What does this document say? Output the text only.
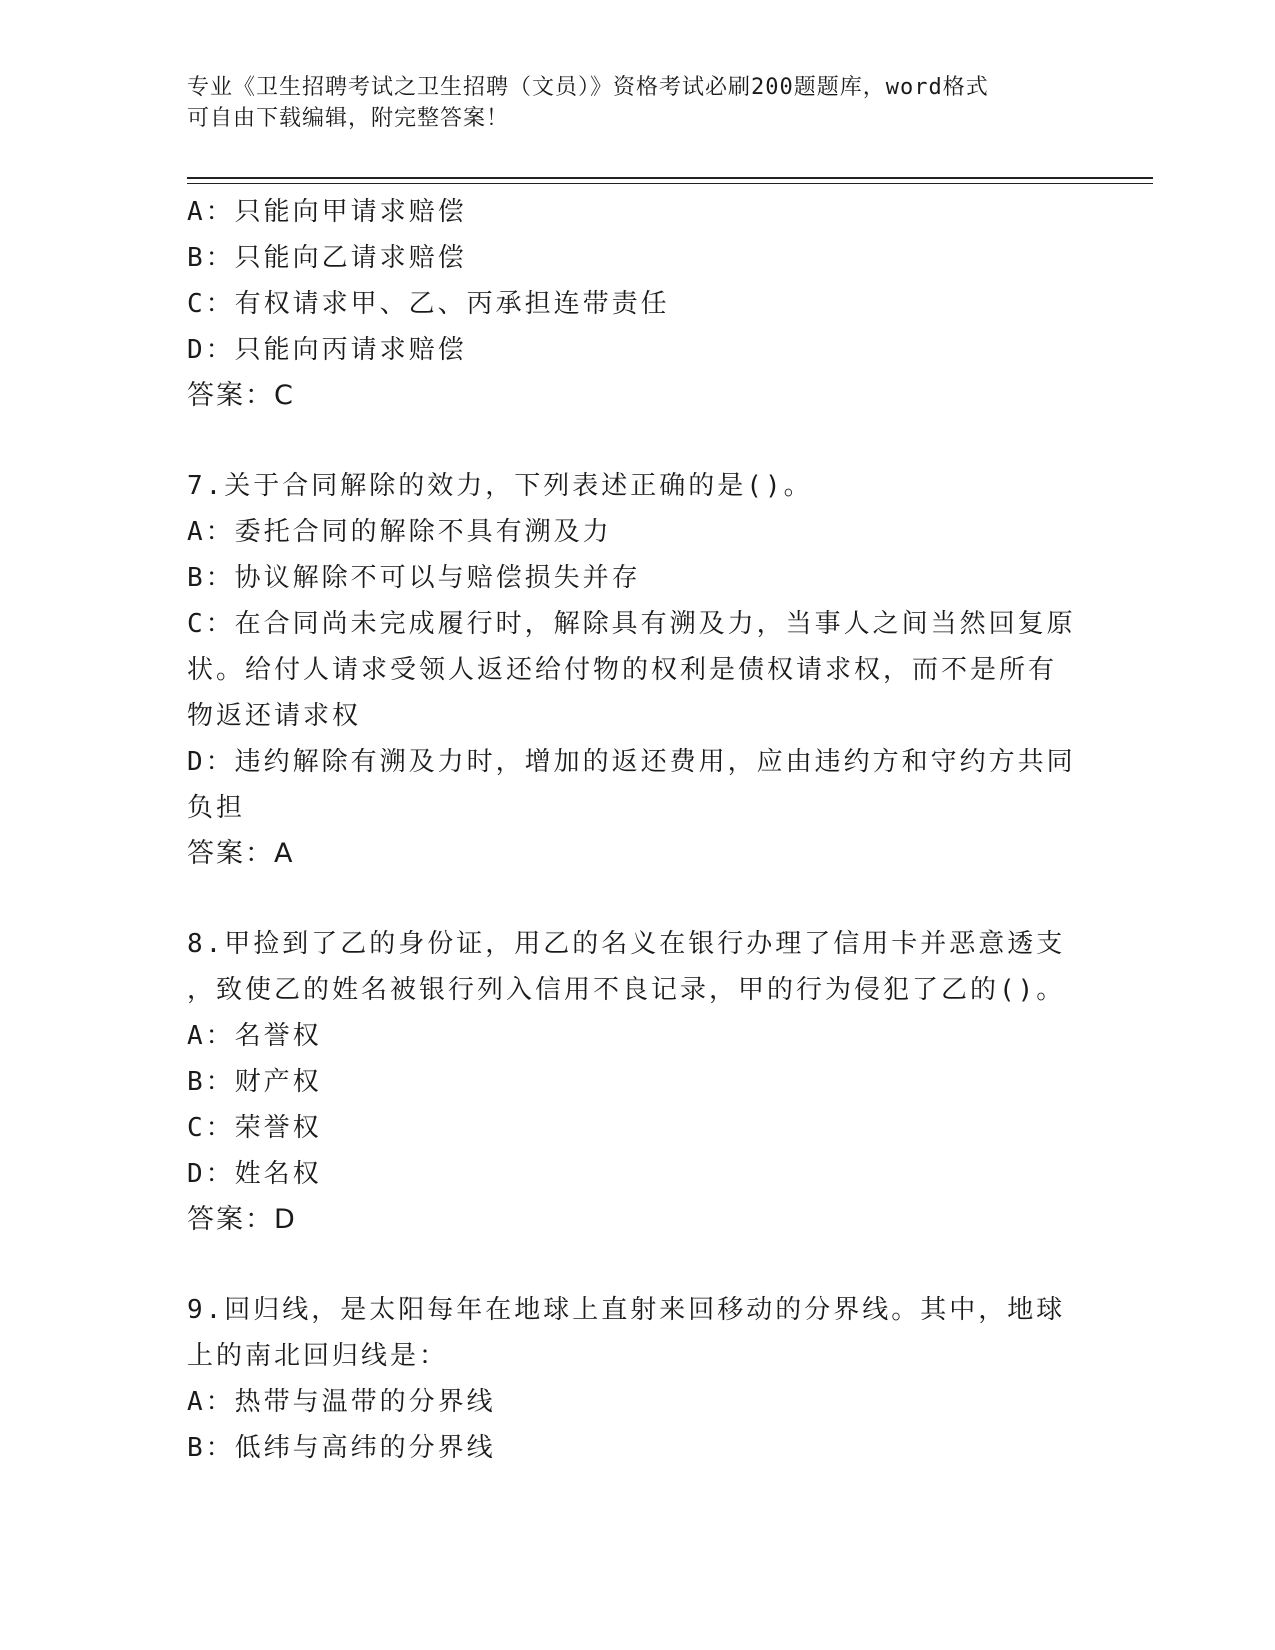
专业《卫生招聘考试之卫生招聘（文员）》资格考试必刷200题题库，word格式
可自由下载编辑，附完整答案！
A：只能向甲请求赔偿
B：只能向乙请求赔偿
C：有权请求甲、乙、丙承担连带责任
D：只能向丙请求赔偿
答案：C
7.关于合同解除的效力，下列表述正确的是()。
A：委托合同的解除不具有溯及力
B：协议解除不可以与赔偿损失并存
C：在合同尚未完成履行时，解除具有溯及力，当事人之间当然回复原
状。给付人请求受领人返还给付物的权利是债权请求权，而不是所有
物返还请求权
D：违约解除有溯及力时，增加的返还费用，应由违约方和守约方共同
负担
答案：A
8.甲捡到了乙的身份证，用乙的名义在银行办理了信用卡并恶意透支
，致使乙的姓名被银行列入信用不良记录，甲的行为侵犯了乙的()。
A：名誉权
B：财产权
C：荣誉权
D：姓名权
答案：D
9.回归线，是太阳每年在地球上直射来回移动的分界线。其中，地球
上的南北回归线是：
A：热带与温带的分界线
B：低纬与高纬的分界线
